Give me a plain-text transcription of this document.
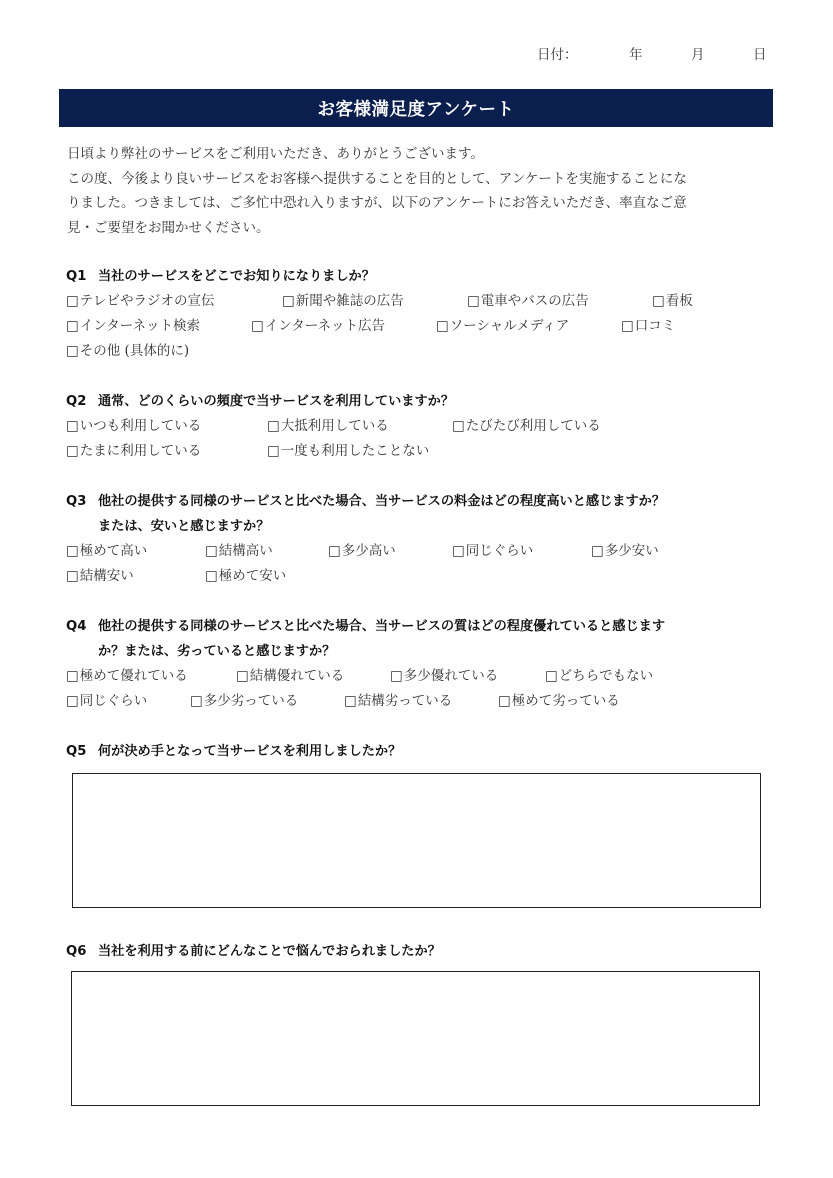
日付：	年	月	日
お客様満足度アンケート

日頃より弊社のサービスをご利用いただき、ありがとうございます。

この度、今後より良いサービスをお客様へ提供することを目的として、アンケートを実施することにな

りました。つきましては、ご多忙中恐れ入りますが、以下のアンケートにお答えいただき、率直なご意

見・ご要望をお聞かせください。

Q1 当社のサービスをどこでお知りになりましか？
□テレビやラジオの宣伝	□新聞や雑誌の広告	□電車やバスの広告	□看板
□インターネット検索	□インターネット広告	□ソーシャルメディア	□口コミ
□その他 (具体的に)
Q2 通常、どのくらいの頻度で当サービスを利用していますか？
□いつも利用している	□大抵利用している	□たびたび利用している
□たまに利用している	□一度も利用したことない
Q3 他社の提供する同様のサービスと比べた場合、当サービスの料金はどの程度高いと感じますか？
または、安いと感じますか？
□極めて高い	□結構高い	□多少高い	□同じぐらい	□多少安い
□結構安い	□極めて安い
Q4 他社の提供する同様のサービスと比べた場合、当サービスの質はどの程度優れていると感じます
か？または、劣っていると感じますか？
□極めて優れている	□結構優れている	□多少優れている	□どちらでもない
□同じぐらい	□多少劣っている	□結構劣っている	□極めて劣っている
Q5 何が決め手となって当サービスを利用しましたか？
Q6 当社を利用する前にどんなことで悩んでおられましたか？
